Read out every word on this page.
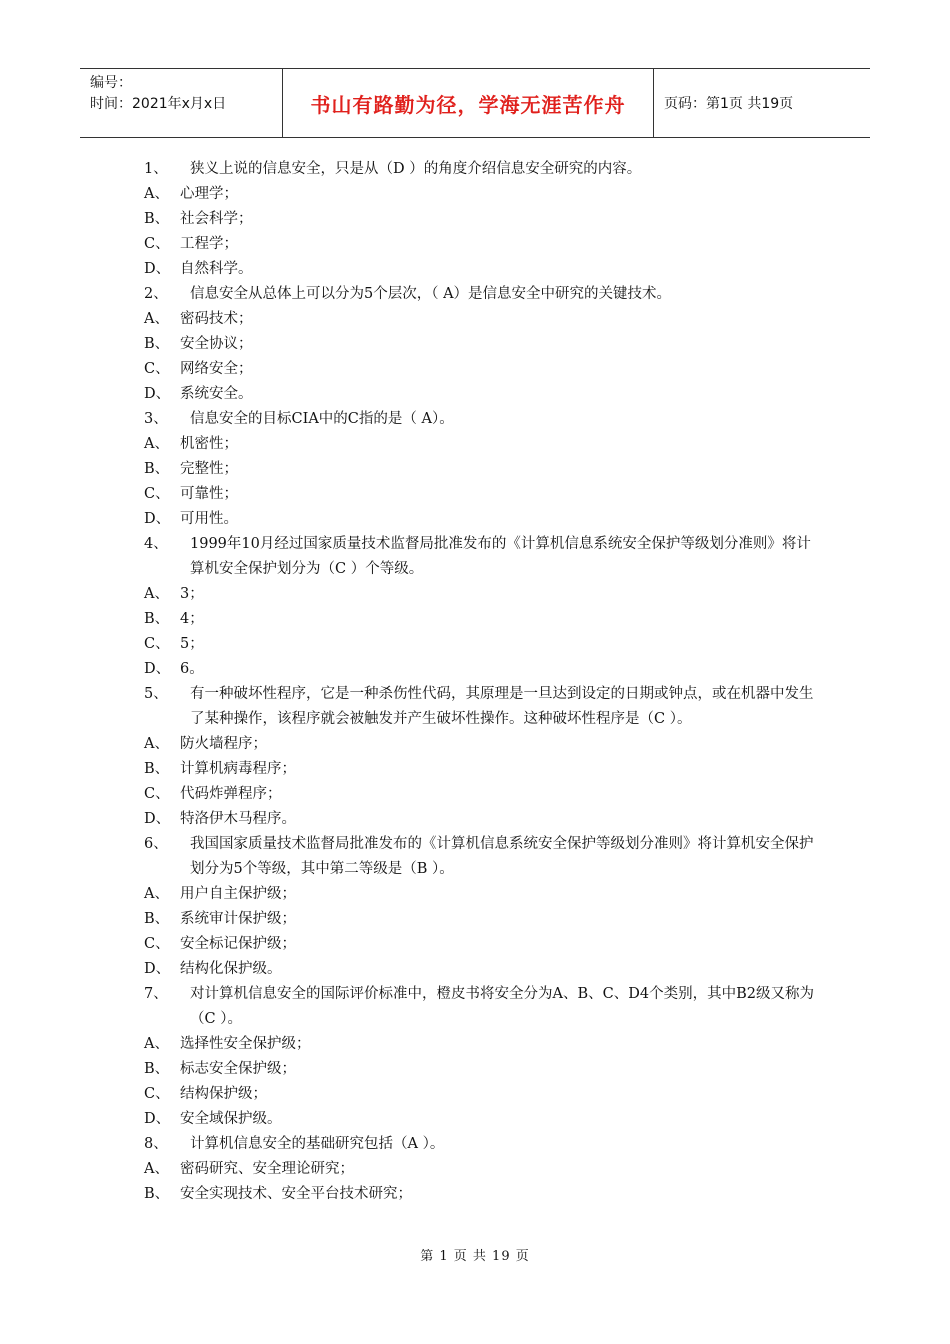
编号：
时间：2021年x月x日	书山有路勤为径，学海无涯苦作舟	页码：第1页 共19页
1、	狭义上说的信息安全，只是从（D ）的角度介绍信息安全研究的内容。
A、 心理学；
B、 社会科学；
C、 工程学；
D、 自然科学。
2、	信息安全从总体上可以分为5个层次，（ A）是信息安全中研究的关键技术。
A、 密码技术；
B、 安全协议；
C、 网络安全；
D、 系统安全。
3、	信息安全的目标CIA中的C指的是（ A）。
A、 机密性；
B、 完整性；
C、 可靠性；
D、 可用性。
4、	1999年10月经过国家质量技术监督局批准发布的《计算机信息系统安全保护等级划分准则》将计算机安全保护划分为（C ）个等级。
A、 3；
B、 4；
C、 5；
D、 6。
5、	有一种破坏性程序，它是一种杀伤性代码，其原理是一旦达到设定的日期或钟点，或在机器中发生了某种操作，该程序就会被触发并产生破坏性操作。这种破坏性程序是（C ）。
A、 防火墙程序；
B、 计算机病毒程序；
C、 代码炸弹程序；
D、 特洛伊木马程序。
6、	我国国家质量技术监督局批准发布的《计算机信息系统安全保护等级划分准则》将计算机安全保护划分为5个等级，其中第二等级是（B ）。
A、 用户自主保护级；
B、 系统审计保护级；
C、 安全标记保护级；
D、 结构化保护级。
7、	对计算机信息安全的国际评价标准中，橙皮书将安全分为A、B、C、D4个类别，其中B2级又称为（C ）。
A、 选择性安全保护级；
B、 标志安全保护级；
C、 结构保护级；
D、 安全域保护级。
8、	计算机信息安全的基础研究包括（A ）。
A、 密码研究、安全理论研究；
B、 安全实现技术、安全平台技术研究；
第 1 页 共 19 页
